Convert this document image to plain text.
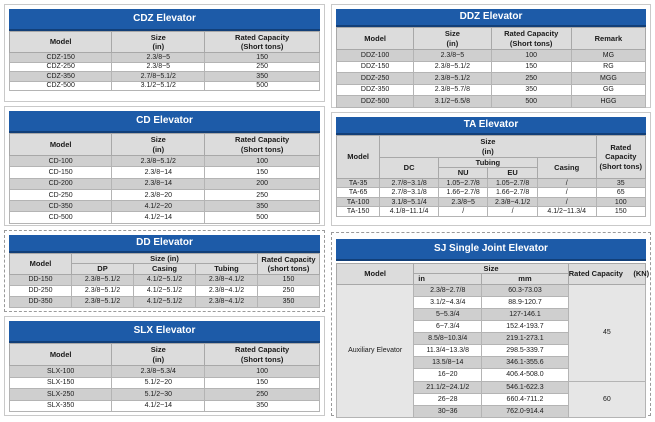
CDZ Elevator
Model	Size
(in)	Rated Capacity
(Short tons)
CDZ-150	2.3/8~5	150
CDZ-250	2.3/8~5	250
CDZ-350	2.7/8~5.1/2	350
CDZ-500	3.1/2~5.1/2	500
DDZ Elevator
Model	Size
(in)	Rated Capacity
(Short tons)	Remark
DDZ-100	2.3/8~5	100	MG
DDZ-150	2.3/8~5.1/2	150	RG
DDZ-250	2.3/8~5.1/2	250	MGG
DDZ-350	2.3/8~5.7/8	350	GG
DDZ-500	3.1/2~6.5/8	500	HGG
CD Elevator
Model	Size
(in)	Rated Capacity
(Short tons)
CD-100	2.3/8~5.1/2	100
CD-150	2.3/8~14	150
CD-200	2.3/8~14	200
CD-250	2.3/8~20	250
CD-350	4.1/2~20	350
CD-500	4.1/2~14	500
TA Elevator
Model	Size
(in)				Rated
Capacity
(Short tons)
	DC	Tubing		Casing	
		NU	EU		
TA-35	2.7/8~3.1/8	1.05~2.7/8	1.05~2.7/8	/	35
TA-65	2.7/8~3.1/8	1.66~2.7/8	1.66~2.7/8	/	65
TA-100	3.1/8~5.1/4	2.3/8~5	2.3/8~4.1/2	/	100
TA-150	4.1/8~11.1/4	/	/	4.1/2~11.3/4	150
DD Elevator
Model	Size (in)			Rated Capacity
(short tons)
	DP	Casing	Tubing	
DD-150	2.3/8~5.1/2	4.1/2~5.1/2	2.3/8~4.1/2	150
DD-250	2.3/8~5.1/2	4.1/2~5.1/2	2.3/8~4.1/2	250
DD-350	2.3/8~5.1/2	4.1/2~5.1/2	2.3/8~4.1/2	350
SLX Elevator
Model	Size
(in)	Rated Capacity
(Short tons)
SLX-100	2.3/8~5.3/4	100
SLX-150	5.1/2~20	150
SLX-250	5.1/2~30	250
SLX-350	4.1/2~14	350
SJ Single Joint Elevator
Model	Size		Rated Capacity     (KN)
	in	mm	
Auxiliary Elevator	2.3/8~2.7/8	60.3-73.03	45
	3.1/2~4.3/4	88.9-120.7	
	5~5.3/4	127-146.1	
	6~7.3/4	152.4-193.7	
	8.5/8~10.3/4	219.1-273.1	
	11.3/4~13.3/8	298.5-339.7	
	13.5/8~14	346.1-355.6	
	16~20	406.4-508.0	
	21.1/2~24.1/2	546.1-622.3	60
	26~28	660.4-711.2	
	30~36	762.0-914.4	
